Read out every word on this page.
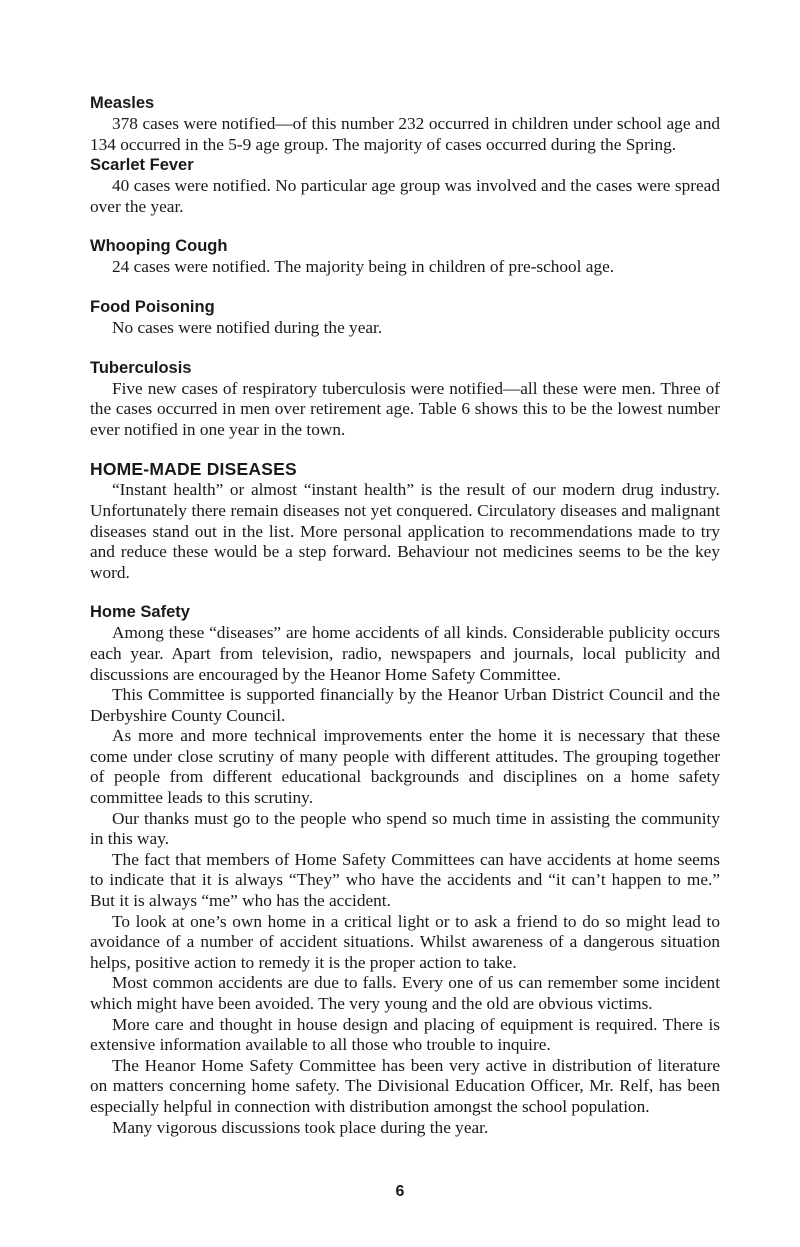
Measles

378 cases were notified—of this number 232 occurred in children under school age and 134 occurred in the 5-9 age group. The majority of cases occurred during the Spring.

Scarlet Fever

40 cases were notified. No particular age group was involved and the cases were spread over the year.

Whooping Cough

24 cases were notified. The majority being in children of pre-school age.

Food Poisoning

No cases were notified during the year.

Tuberculosis

Five new cases of respiratory tuberculosis were notified—all these were men. Three of the cases occurred in men over retirement age. Table 6 shows this to be the lowest number ever notified in one year in the town.

HOME-MADE DISEASES

“Instant health” or almost “instant health” is the result of our modern drug industry. Unfortunately there remain diseases not yet conquered. Circulatory diseases and malignant diseases stand out in the list. More personal application to recommendations made to try and reduce these would be a step forward. Behaviour not medicines seems to be the key word.

Home Safety

Among these “diseases” are home accidents of all kinds. Considerable publicity occurs each year. Apart from television, radio, newspapers and journals, local publicity and discussions are encouraged by the Heanor Home Safety Committee.

This Committee is supported financially by the Heanor Urban District Council and the Derbyshire County Council.

As more and more technical improvements enter the home it is necessary that these come under close scrutiny of many people with different attitudes. The grouping together of people from different educational backgrounds and disciplines on a home safety committee leads to this scrutiny.

Our thanks must go to the people who spend so much time in assisting the community in this way.

The fact that members of Home Safety Committees can have accidents at home seems to indicate that it is always “They” who have the accidents and “it can’t happen to me.” But it is always “me” who has the accident.

To look at one’s own home in a critical light or to ask a friend to do so might lead to avoidance of a number of accident situations. Whilst awareness of a dangerous situation helps, positive action to remedy it is the proper action to take.

Most common accidents are due to falls. Every one of us can remember some incident which might have been avoided. The very young and the old are obvious victims.

More care and thought in house design and placing of equipment is required. There is extensive information available to all those who trouble to inquire.

The Heanor Home Safety Committee has been very active in distribution of literature on matters concerning home safety. The Divisional Education Officer, Mr. Relf, has been especially helpful in connection with distribution amongst the school population.

Many vigorous discussions took place during the year.

6
